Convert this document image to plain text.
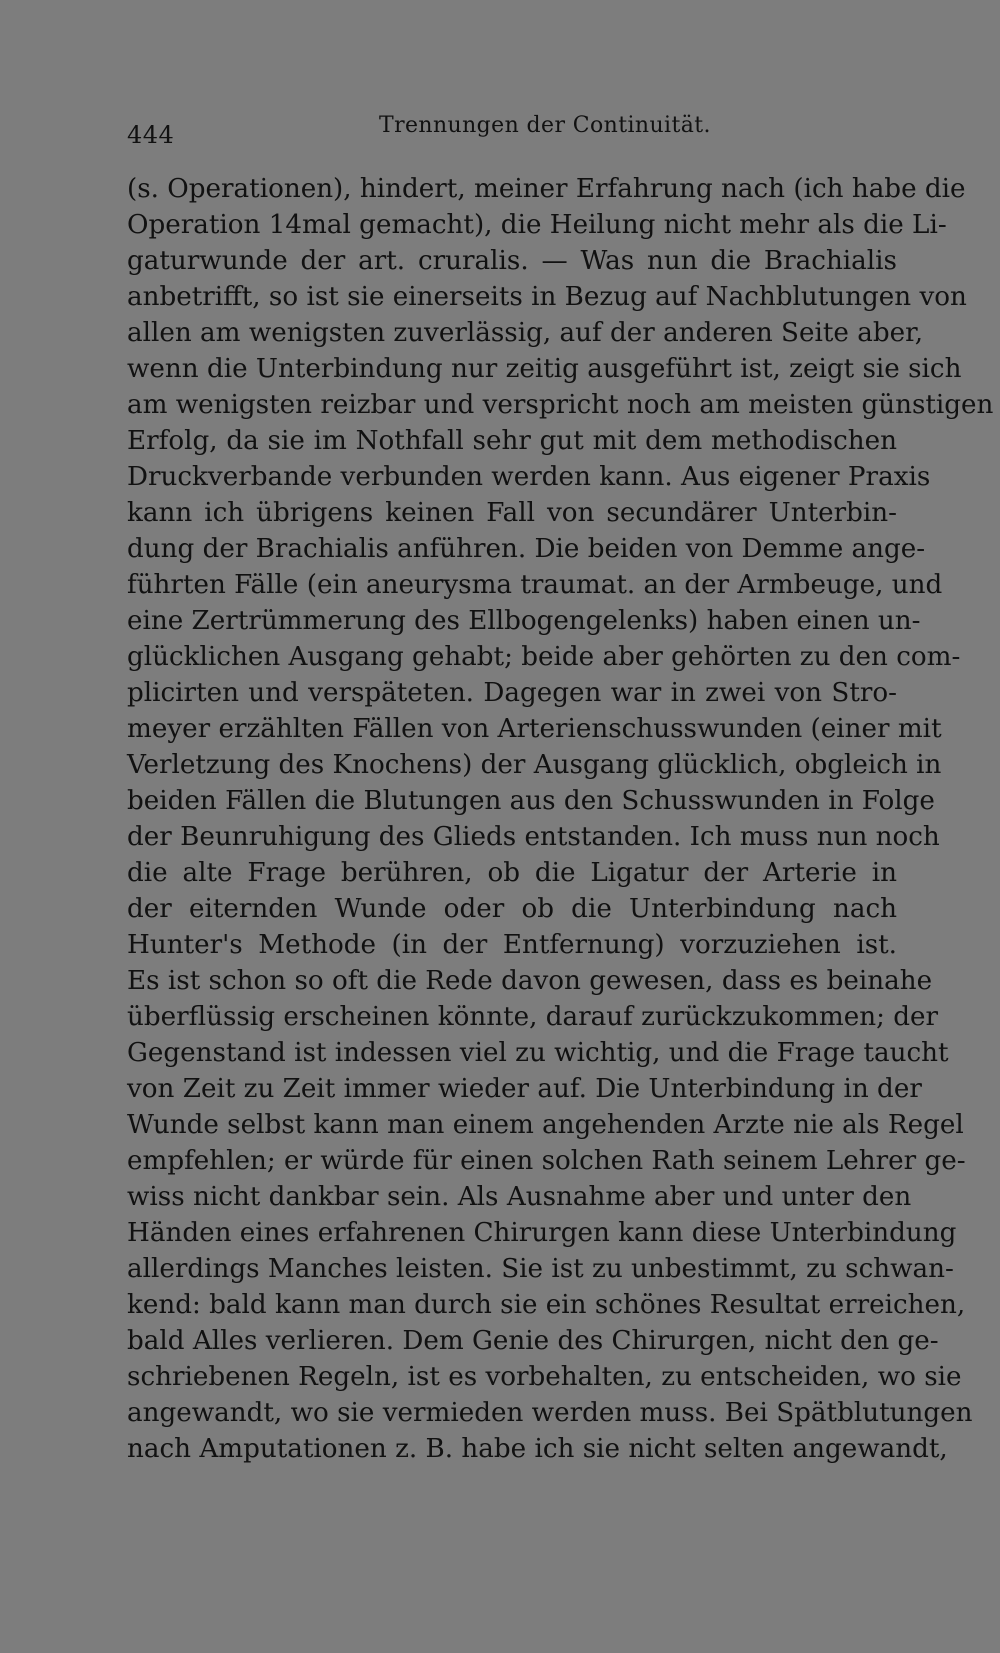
444	Trennungen der Continuität.
(s. Operationen), hindert, meiner Erfahrung nach (ich habe die
Operation 14mal gemacht), die Heilung nicht mehr als die Li-
gaturwunde der art. cruralis. — Was nun die Brachialis
anbetrifft, so ist sie einerseits in Bezug auf Nachblutungen von
allen am wenigsten zuverlässig, auf der anderen Seite aber,
wenn die Unterbindung nur zeitig ausgeführt ist, zeigt sie sich
am wenigsten reizbar und verspricht noch am meisten günstigen
Erfolg, da sie im Nothfall sehr gut mit dem methodischen
Druckverbande verbunden werden kann. Aus eigener Praxis
kann ich übrigens keinen Fall von secundärer Unterbin-
dung der Brachialis anführen. Die beiden von Demme ange-
führten Fälle (ein aneurysma traumat. an der Armbeuge, und
eine Zertrümmerung des Ellbogengelenks) haben einen un-
glücklichen Ausgang gehabt; beide aber gehörten zu den com-
plicirten und verspäteten. Dagegen war in zwei von Stro-
meyer erzählten Fällen von Arterienschusswunden (einer mit
Verletzung des Knochens) der Ausgang glücklich, obgleich in
beiden Fällen die Blutungen aus den Schusswunden in Folge
der Beunruhigung des Glieds entstanden. Ich muss nun noch
die alte Frage berühren, ob die Ligatur der Arterie in
der eiternden Wunde oder ob die Unterbindung nach
Hunter's Methode (in der Entfernung) vorzuziehen ist.
Es ist schon so oft die Rede davon gewesen, dass es beinahe
überflüssig erscheinen könnte, darauf zurückzukommen; der
Gegenstand ist indessen viel zu wichtig, und die Frage taucht
von Zeit zu Zeit immer wieder auf. Die Unterbindung in der
Wunde selbst kann man einem angehenden Arzte nie als Regel
empfehlen; er würde für einen solchen Rath seinem Lehrer ge-
wiss nicht dankbar sein. Als Ausnahme aber und unter den
Händen eines erfahrenen Chirurgen kann diese Unterbindung
allerdings Manches leisten. Sie ist zu unbestimmt, zu schwan-
kend: bald kann man durch sie ein schönes Resultat erreichen,
bald Alles verlieren. Dem Genie des Chirurgen, nicht den ge-
schriebenen Regeln, ist es vorbehalten, zu entscheiden, wo sie
angewandt, wo sie vermieden werden muss. Bei Spätblutungen
nach Amputationen z. B. habe ich sie nicht selten angewandt,
